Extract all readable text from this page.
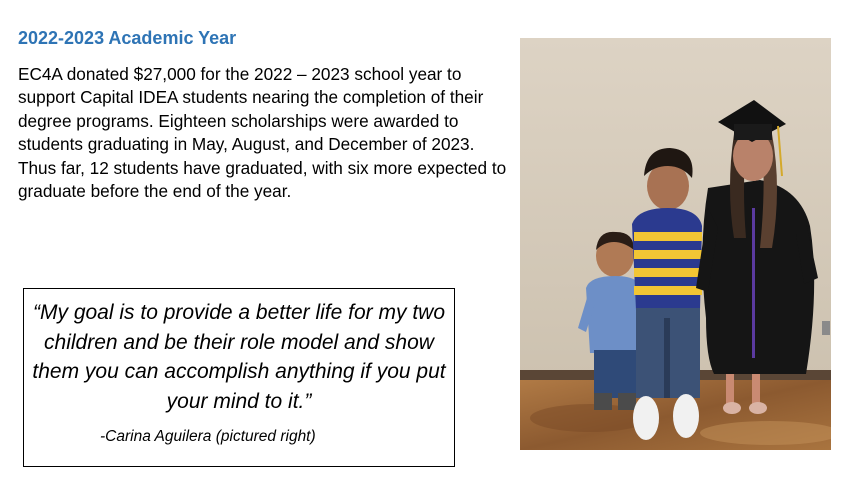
2022-2023 Academic Year

EC4A donated $27,000 for the 2022 – 2023 school year to support Capital IDEA students nearing the completion of their degree programs. Eighteen scholarships were awarded to students graduating in May, August, and December of 2023. Thus far, 12 students have graduated, with six more expected to graduate before the end of the year.

“My goal is to provide a better life for my two children and be their role model and show them you can accomplish anything if you put your mind to it.”

-Carina Aguilera (pictured right)
